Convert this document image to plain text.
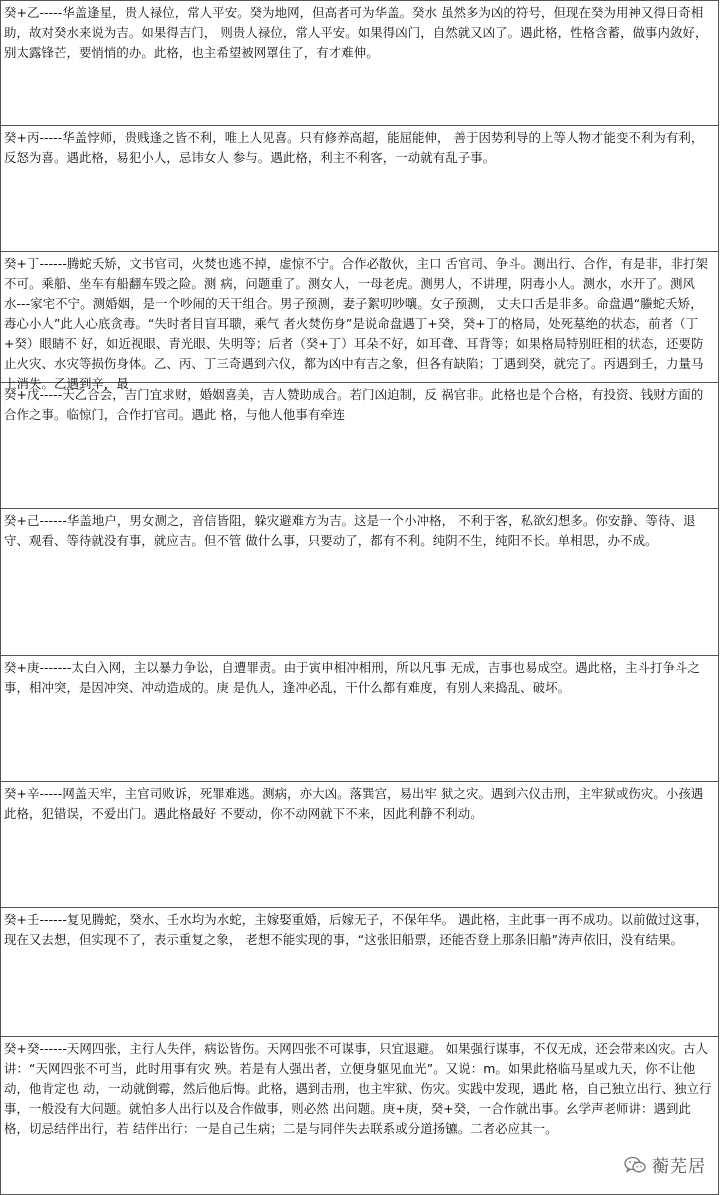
癸+乙-----华盖逢星，贵人禄位，常人平安。癸为地网，但高者可为华盖。癸水 虽然多为凶的符号，但现在癸为用神又得日奇相助，故对癸水来说为吉。如果得吉门， 则贵人禄位，常人平安。如果得凶门，自然就又凶了。遇此格，性格含蓄，做事内敛好， 别太露锋芒，要悄悄的办。此格，也主希望被网罩住了，有才难伸。
癸+丙-----华盖悖师，贵贱逢之皆不利，唯上人见喜。只有修养高超，能屈能伸， 善于因势利导的上等人物才能变不利为有利，反怒为喜。遇此格，易犯小人，忌讳女人 参与。遇此格，利主不利客，一动就有乱子事。
癸+丁------腾蛇夭矫，文书官司，火焚也逃不掉，虚惊不宁。合作必散伙，主口 舌官司、争斗。测出行、合作，有是非，非打架不可。乘船、坐车有船翻车毁之险。测 病，问题重了。测女人，一母老虎。测男人，不讲理，阴毒小人。测水，水开了。测风 水---家宅不宁。测婚姻，是一个吵闹的天干组合。男子预测，妻子絮叨吵嚷。女子预测， 丈夫口舌是非多。命盘遇“螣蛇夭矫，毒心小人”此人心底贪毒。“失时者目盲耳聩，乘气 者火焚伤身”是说命盘遇丁+癸，癸+丁的格局，处死墓绝的状态，前者（丁+癸）眼睛不 好，如近视眼、青光眼、失明等；后者（癸+丁）耳朵不好，如耳聋、耳背等；如果格局特别旺相的状态，还要防止火灾、水灾等损伤身体。乙、丙、丁三奇遇到六仪，都为凶中有吉之象，但各有缺陷；丁遇到癸，就完了。丙遇到壬，力量马上消失。乙遇到辛，最
癸+戊-----天乙合会，吉门宜求财，婚姻喜美，吉人赞助成合。若门凶迫制，反 祸官非。此格也是个合格，有投资、钱财方面的合作之事。临惊门，合作打官司。遇此 格，与他人他事有牵连
癸+己------华盖地户，男女测之，音信皆阻，躲灾避难方为吉。这是一个小冲格， 不利于客，私欲幻想多。你安静、等待、退守、观看、等待就没有事，就应吉。但不管 做什么事，只要动了，都有不利。纯阴不生，纯阳不长。单相思，办不成。
癸+庚-------太白入网，主以暴力争讼，自遭罪责。由于寅申相冲相刑，所以凡事 无成，吉事也易成空。遇此格，主斗打争斗之事，相冲突，是因冲突、冲动造成的。庚 是仇人，逢冲必乱，干什么都有难度，有别人来捣乱、破坏。
癸+辛-----网盖天牢，主官司败诉，死罪难逃。测病，亦大凶。落巽宫，易出牢 狱之灾。遇到六仪击刑，主牢狱或伤灾。小孩遇此格，犯错误，不爱出门。遇此格最好 不要动，你不动网就下不来，因此利静不利动。
癸+壬------复见腾蛇，癸水、壬水均为水蛇，主嫁娶重婚，后嫁无子，不保年华。 遇此格，主此事一再不成功。以前做过这事，现在又去想，但实现不了，表示重复之象， 老想不能实现的事，“这张旧船票，还能否登上那条旧船”涛声依旧，没有结果。
癸+癸------天网四张，主行人失伴，病讼皆伤。天网四张不可谋事，只宜退避。 如果强行谋事，不仅无成，还会带来凶灾。古人讲：“天网四张不可当，此时用事有灾 殃。若是有人强出者，立便身躯见血光”。又说：m。如果此格临马星或九天，你不让他动，他肯定也 动，一动就倒霉，然后他后悔。此格，遇到击刑，也主牢狱、伤灾。实践中发现，遇此 格，自己独立出行、独立行事，一般没有大问题。就怕多人出行以及合作做事，则必然 出问题。庚+庚，癸+癸，一合作就出事。幺学声老师讲：遇到此格，切忌结伴出行，若 结伴出行：一是自己生病；二是与同伴失去联系或分道扬镳。二者必应其一。
蘅芜居
